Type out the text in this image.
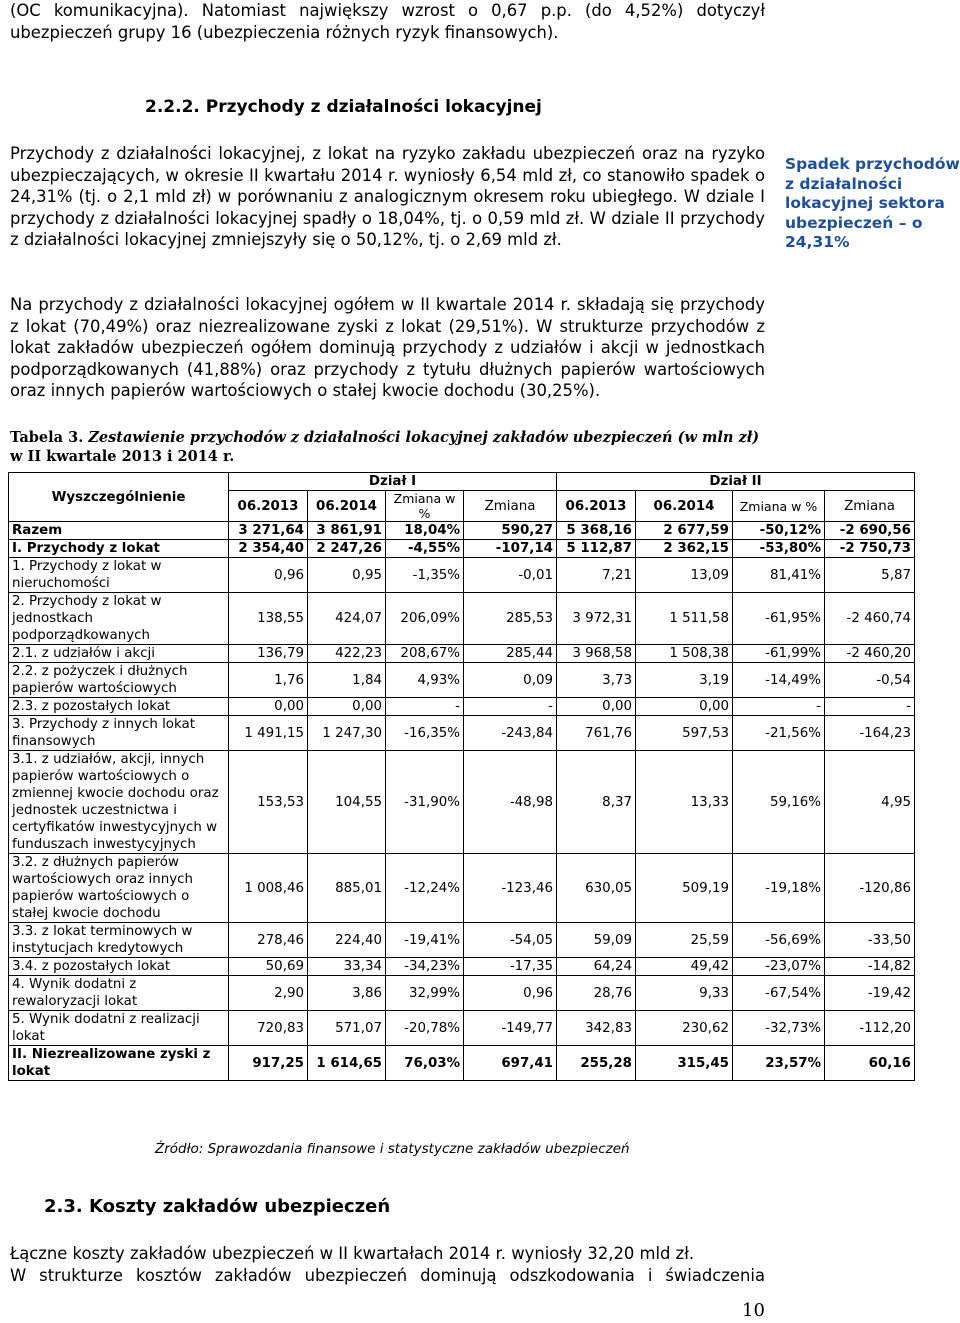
(OC komunikacyjna). Natomiast największy wzrost o 0,67 p.p. (do 4,52%) dotyczył ubezpieczeń grupy 16 (ubezpieczenia różnych ryzyk finansowych).

2.2.2. Przychody z działalności lokacyjnej

Przychody z działalności lokacyjnej, z lokat na ryzyko zakładu ubezpieczeń oraz na ryzyko ubezpieczających, w okresie II kwartału 2014 r. wyniosły 6,54 mld zł, co stanowiło spadek o 24,31% (tj. o 2,1 mld zł) w porównaniu z analogicznym okresem roku ubiegłego. W dziale I przychody z działalności lokacyjnej spadły o 18,04%, tj. o 0,59 mld zł. W dziale II przychody z działalności lokacyjnej zmniejszyły się o 50,12%, tj. o 2,69 mld zł.

Spadek przychodów z działalności lokacyjnej sektora ubezpieczeń – o 24,31%

Na przychody z działalności lokacyjnej ogółem w II kwartale 2014 r. składają się przychody z lokat (70,49%) oraz niezrealizowane zyski z lokat (29,51%). W strukturze przychodów z lokat zakładów ubezpieczeń ogółem dominują przychody z udziałów i akcji w jednostkach podporządkowanych (41,88%) oraz przychody z tytułu dłużnych papierów wartościowych oraz innych papierów wartościowych o stałej kwocie dochodu (30,25%).

Tabela 3. Zestawienie przychodów z działalności lokacyjnej zakładów ubezpieczeń (w mln zł)
w II kwartale 2013 i 2014 r.
Wyszczególnienie	Dział I				Dział II			
	06.2013	06.2014	Zmiana w %	Zmiana	06.2013	06.2014	Zmiana w %	Zmiana
Razem	3 271,64	3 861,91	18,04%	590,27	5 368,16	2 677,59	-50,12%	-2 690,56
I. Przychody z lokat	2 354,40	2 247,26	-4,55%	-107,14	5 112,87	2 362,15	-53,80%	-2 750,73
1. Przychody z lokat w nieruchomości	0,96	0,95	-1,35%	-0,01	7,21	13,09	81,41%	5,87
2. Przychody z lokat w jednostkach podporządkowanych	138,55	424,07	206,09%	285,53	3 972,31	1 511,58	-61,95%	-2 460,74
2.1. z udziałów i akcji	136,79	422,23	208,67%	285,44	3 968,58	1 508,38	-61,99%	-2 460,20
2.2. z pożyczek i dłużnych papierów wartościowych	1,76	1,84	4,93%	0,09	3,73	3,19	-14,49%	-0,54
2.3. z pozostałych lokat	0,00	0,00	-	-	0,00	0,00	-	-
3. Przychody z innych lokat finansowych	1 491,15	1 247,30	-16,35%	-243,84	761,76	597,53	-21,56%	-164,23
3.1. z udziałów, akcji, innych papierów wartościowych o zmiennej kwocie dochodu oraz jednostek uczestnictwa i certyfikatów inwestycyjnych w funduszach inwestycyjnych	153,53	104,55	-31,90%	-48,98	8,37	13,33	59,16%	4,95
3.2. z dłużnych papierów wartościowych oraz innych papierów wartościowych o stałej kwocie dochodu	1 008,46	885,01	-12,24%	-123,46	630,05	509,19	-19,18%	-120,86
3.3. z lokat terminowych w instytucjach kredytowych	278,46	224,40	-19,41%	-54,05	59,09	25,59	-56,69%	-33,50
3.4. z pozostałych lokat	50,69	33,34	-34,23%	-17,35	64,24	49,42	-23,07%	-14,82
4. Wynik dodatni z rewaloryzacji lokat	2,90	3,86	32,99%	0,96	28,76	9,33	-67,54%	-19,42
5. Wynik dodatni z realizacji lokat	720,83	571,07	-20,78%	-149,77	342,83	230,62	-32,73%	-112,20
II. Niezrealizowane zyski z lokat	917,25	1 614,65	76,03%	697,41	255,28	315,45	23,57%	60,16
Źródło: Sprawozdania finansowe i statystyczne zakładów ubezpieczeń
2.3. Koszty zakładów ubezpieczeń
Łączne koszty zakładów ubezpieczeń w II kwartałach 2014 r. wyniosły 32,20 mld zł.
W strukturze kosztów zakładów ubezpieczeń dominują odszkodowania i świadczenia
10
